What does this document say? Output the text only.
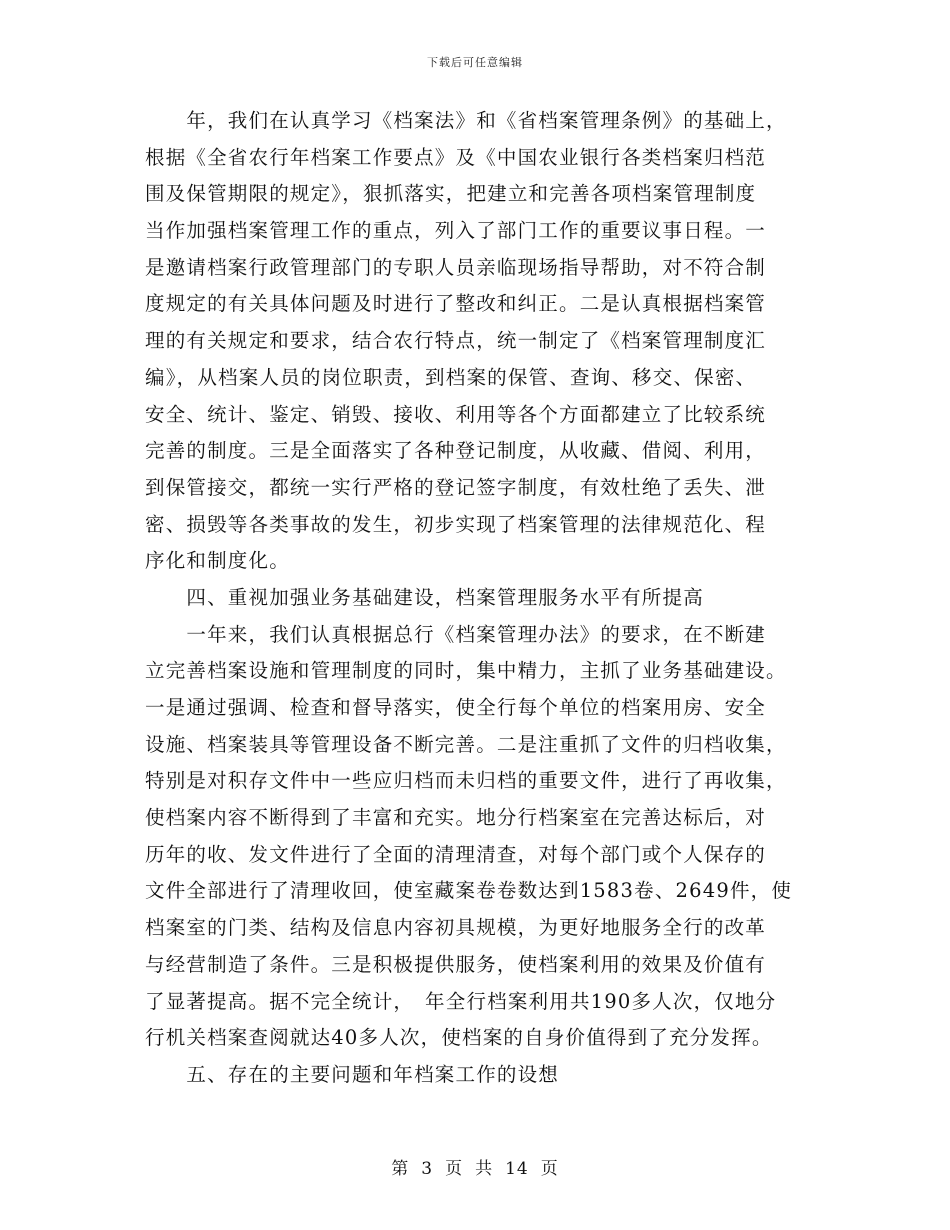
下载后可任意编辑
　　年，我们在认真学习《档案法》和《省档案管理条例》的基础上，
根据《全省农行年档案工作要点》及《中国农业银行各类档案归档范
围及保管期限的规定》，狠抓落实，把建立和完善各项档案管理制度
当作加强档案管理工作的重点，列入了部门工作的重要议事日程。一
是邀请档案行政管理部门的专职人员亲临现场指导帮助，对不符合制
度规定的有关具体问题及时进行了整改和纠正。二是认真根据档案管
理的有关规定和要求，结合农行特点，统一制定了《档案管理制度汇
编》，从档案人员的岗位职责，到档案的保管、查询、移交、保密、
安全、统计、鉴定、销毁、接收、利用等各个方面都建立了比较系统
完善的制度。三是全面落实了各种登记制度，从收藏、借阅、利用，
到保管接交，都统一实行严格的登记签字制度，有效杜绝了丢失、泄
密、损毁等各类事故的发生，初步实现了档案管理的法律规范化、程
序化和制度化。
　　四、重视加强业务基础建设，档案管理服务水平有所提高
　　一年来，我们认真根据总行《档案管理办法》的要求，在不断建
立完善档案设施和管理制度的同时，集中精力，主抓了业务基础建设。
一是通过强调、检查和督导落实，使全行每个单位的档案用房、安全
设施、档案装具等管理设备不断完善。二是注重抓了文件的归档收集，
特别是对积存文件中一些应归档而未归档的重要文件，进行了再收集，
使档案内容不断得到了丰富和充实。地分行档案室在完善达标后，对
历年的收、发文件进行了全面的清理清查，对每个部门或个人保存的
文件全部进行了清理收回，使室藏案卷卷数达到1583卷、2649件，使
档案室的门类、结构及信息内容初具规模，为更好地服务全行的改革
与经营制造了条件。三是积极提供服务，使档案利用的效果及价值有
了显著提高。据不完全统计，　年全行档案利用共190多人次，仅地分
行机关档案查阅就达40多人次，使档案的自身价值得到了充分发挥。
　　五、存在的主要问题和年档案工作的设想
第 3 页 共 14 页
